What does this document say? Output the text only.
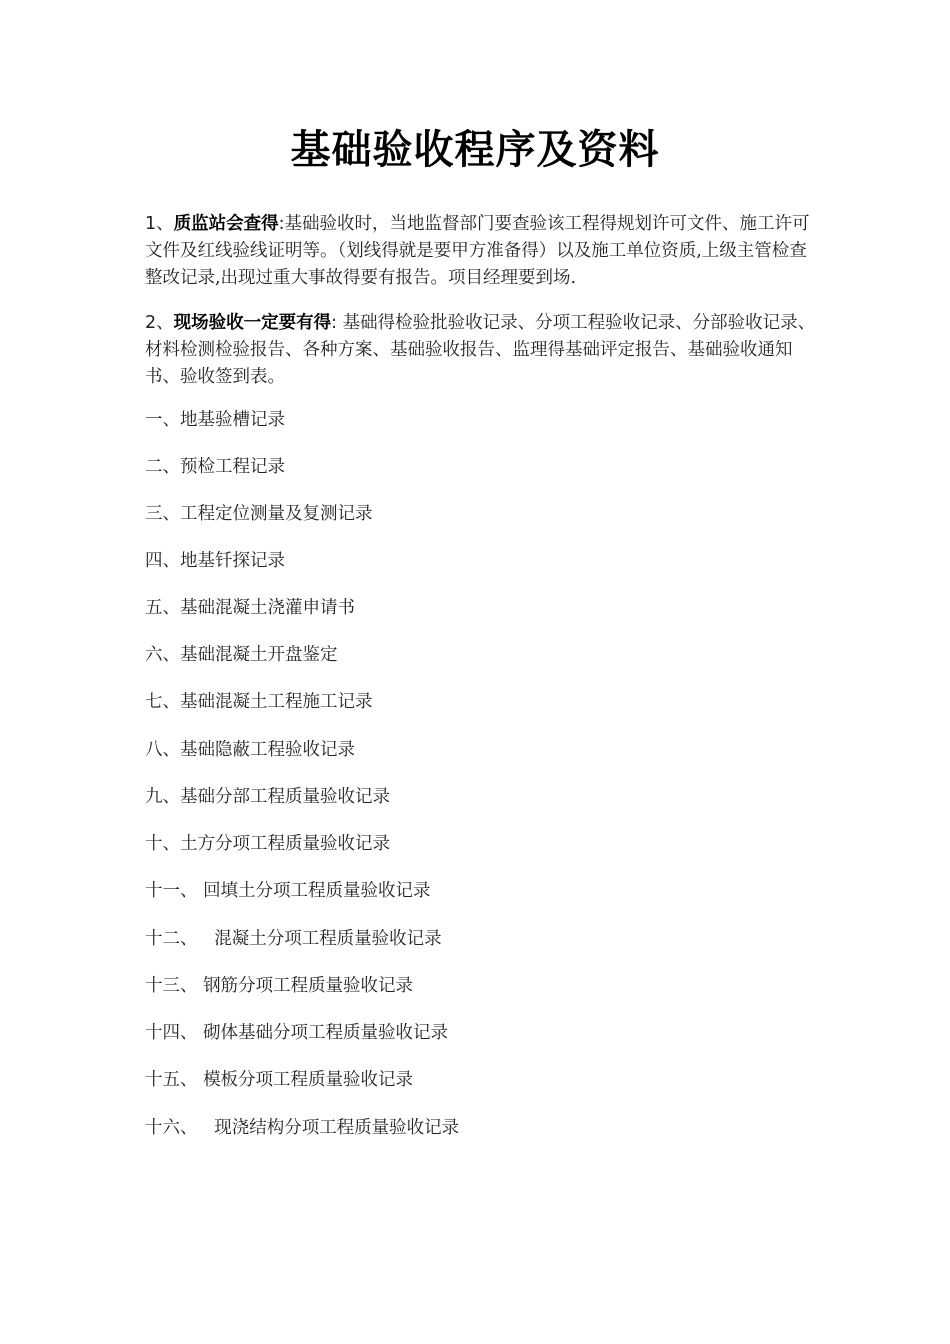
基础验收程序及资料
1、质监站会查得:基础验收时，当地监督部门要查验该工程得规划许可文件、施工许可文件及红线验线证明等。（划线得就是要甲方准备得）以及施工单位资质,上级主管检查整改记录,出现过重大事故得要有报告。项目经理要到场.
2、现场验收一定要有得: 基础得检验批验收记录、分项工程验收记录、分部验收记录、材料检测检验报告、各种方案、基础验收报告、监理得基础评定报告、基础验收通知书、验收签到表。
一、地基验槽记录
二、预检工程记录
三、工程定位测量及复测记录
四、地基钎探记录
五、基础混凝土浇灌申请书
六、基础混凝土开盘鉴定
七、基础混凝土工程施工记录
八、基础隐蔽工程验收记录
九、基础分部工程质量验收记录
十、土方分项工程质量验收记录
十一、 回填土分项工程质量验收记录
十二、   混凝土分项工程质量验收记录
十三、 钢筋分项工程质量验收记录
十四、 砌体基础分项工程质量验收记录
十五、 模板分项工程质量验收记录
十六、   现浇结构分项工程质量验收记录
